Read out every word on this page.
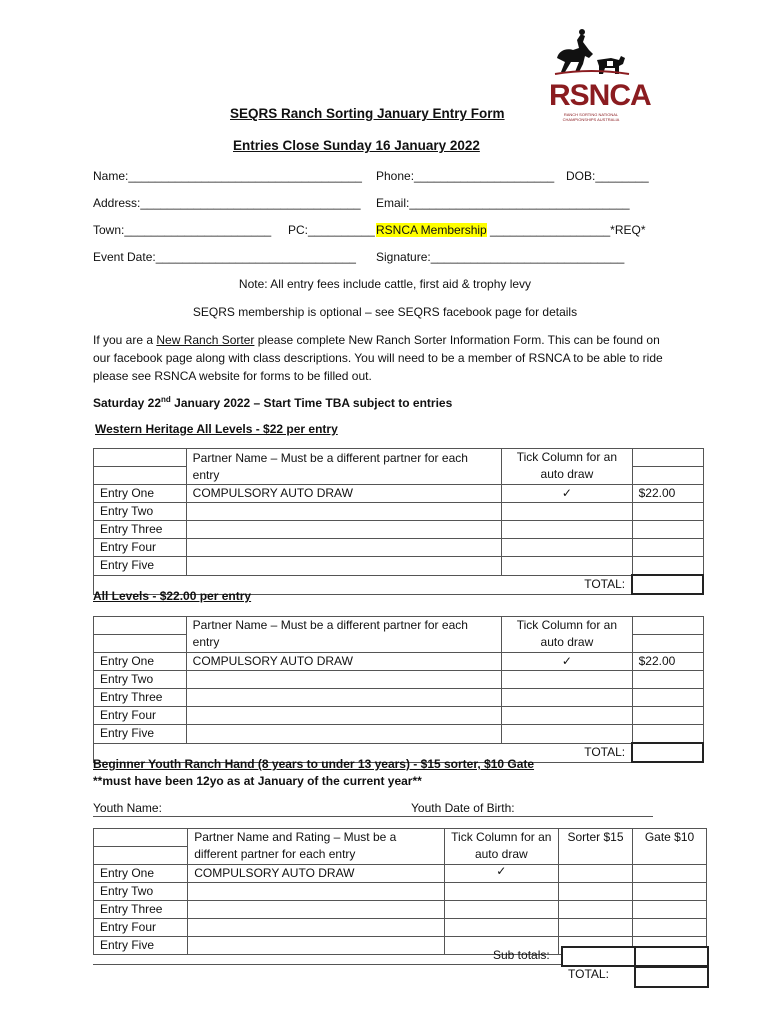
RSNCA
RANCH SORTING NATIONAL CHAMPIONSHIPS AUSTRALIA
SEQRS Ranch Sorting January Entry Form
Entries Close Sunday 16 January 2022
Name:___________________________________ Phone:_____________________ DOB:________
Address:_________________________________ Email:_________________________________
Town:______________________ PC:__________ RSNCA Membership __________________*REQ*
Event Date:______________________________ Signature:_____________________________
Note: All entry fees include cattle, first aid & trophy levy
SEQRS membership is optional – see SEQRS facebook page for details
If you are a New Ranch Sorter please complete New Ranch Sorter Information Form. This can be found on our facebook page along with class descriptions. You will need to be a member of RSNCA to be able to ride please see RSNCA website for forms to be filled out.
Saturday 22nd January 2022 – Start Time TBA subject to entries
Western Heritage All Levels - $22 per entry
	Partner Name – Must be a different partner for each entry	Tick Column for an auto draw	

Entry One	COMPULSORY AUTO DRAW	✓	$22.00
Entry Two			
Entry Three			
Entry Four			
Entry Five			
TOTAL:			
All Levels - $22.00 per entry
	Partner Name – Must be a different partner for each entry	Tick Column for an auto draw	

Entry One	COMPULSORY AUTO DRAW	✓	$22.00
Entry Two			
Entry Three			
Entry Four			
Entry Five			
TOTAL:			
Beginner Youth Ranch Hand (8 years to under 13 years) - $15 sorter, $10 Gate
**must have been 12yo as at January of the current year**
Youth Name:	Youth Date of Birth:
	Partner Name and Rating – Must be a different partner for each entry	Tick Column for an auto draw	Sorter $15	Gate $10

Entry One	COMPULSORY AUTO DRAW	✓		
Entry Two				
Entry Three				
Entry Four				
Entry Five				
Sub totals:
TOTAL:
